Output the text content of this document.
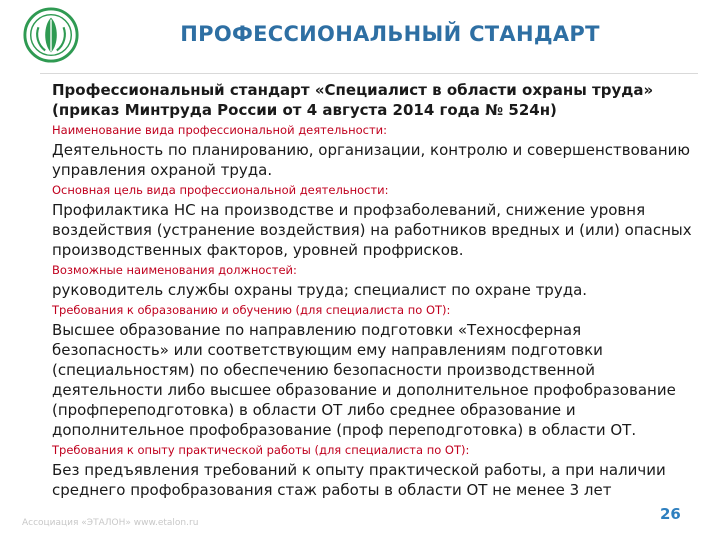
ПРОФЕССИОНАЛЬНЫЙ СТАНДАРТ

Профессиональный стандарт «Специалист в области охраны труда» (приказ Минтруда России от 4 августа 2014 года № 524н)

Наименование вида профессиональной деятельности:

Деятельность по планированию, организации, контролю и совершенствованию управления охраной труда.

Основная цель вида профессиональной деятельности:

Профилактика НС на производстве и профзаболеваний, снижение уровня воздействия (устранение воздействия) на работников вредных и (или) опасных производственных факторов, уровней профрисков.

Возможные наименования должностей:

руководитель службы охраны труда; специалист по охране труда.

Требования к образованию и обучению (для специалиста по ОТ):

Высшее образование по направлению подготовки «Техносферная безопасность» или соответствующим ему направлениям подготовки (специальностям) по обеспечению безопасности производственной деятельности либо высшее образование и дополнительное профобразование (профпереподготовка) в области ОТ либо среднее образование и дополнительное профобразование (проф переподготовка) в области ОТ.

Требования к опыту практической работы (для специалиста по ОТ):

Без предъявления требований к опыту практической работы, а при наличии среднего профобразования стаж работы в области ОТ не менее 3 лет

Ассоциация «ЭТАЛОН» www.etalon.ru	26
